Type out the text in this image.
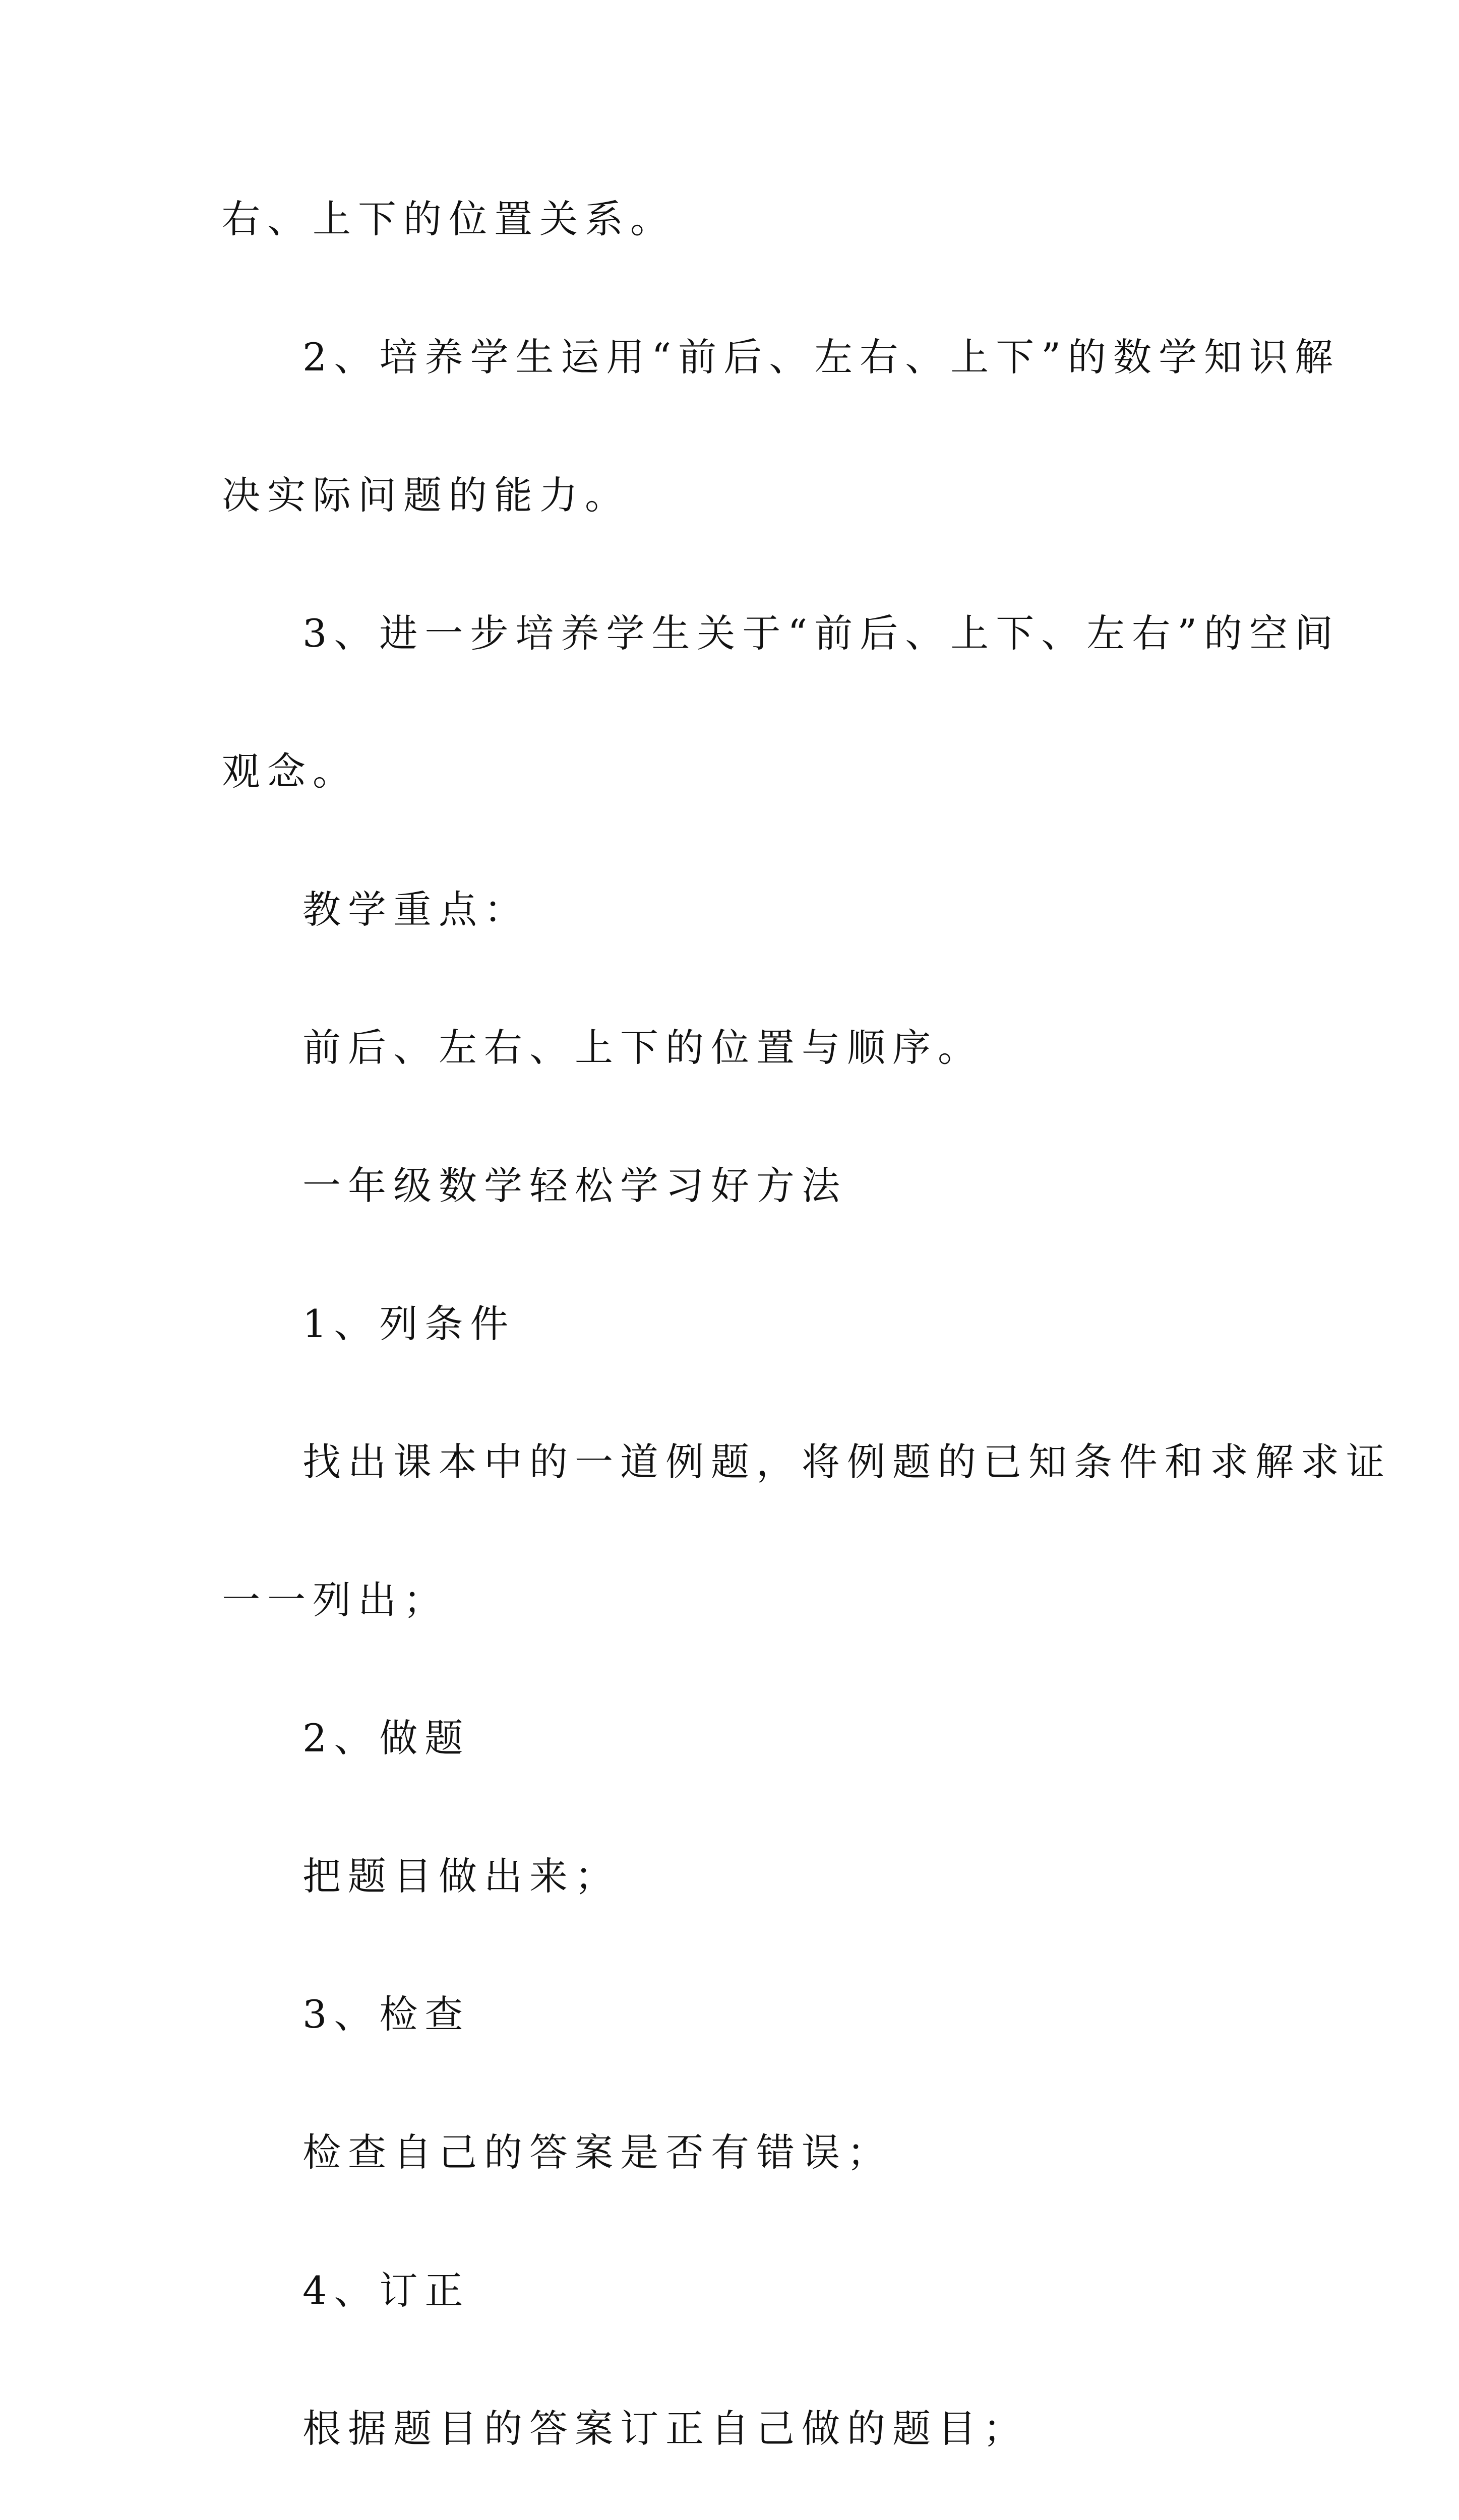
右、上下的位置关系。
2、培养学生运用“前后、左右、上下”的数学知识解
决实际问题的能力。
3、进一步培养学生关于“前后、上下、左右”的空间
观念。
教学重点：
前后、左右、上下的位置与顺序。
一年级数学轻松学习好方法
1、列条件
找出课本中的一道例题，将例题的已知条件和求解求证
一一列出；
2、做题
把题目做出来；
3、检查
检查自己的答案是否有错误；
4、订正
根据题目的答案订正自己做的题目；
